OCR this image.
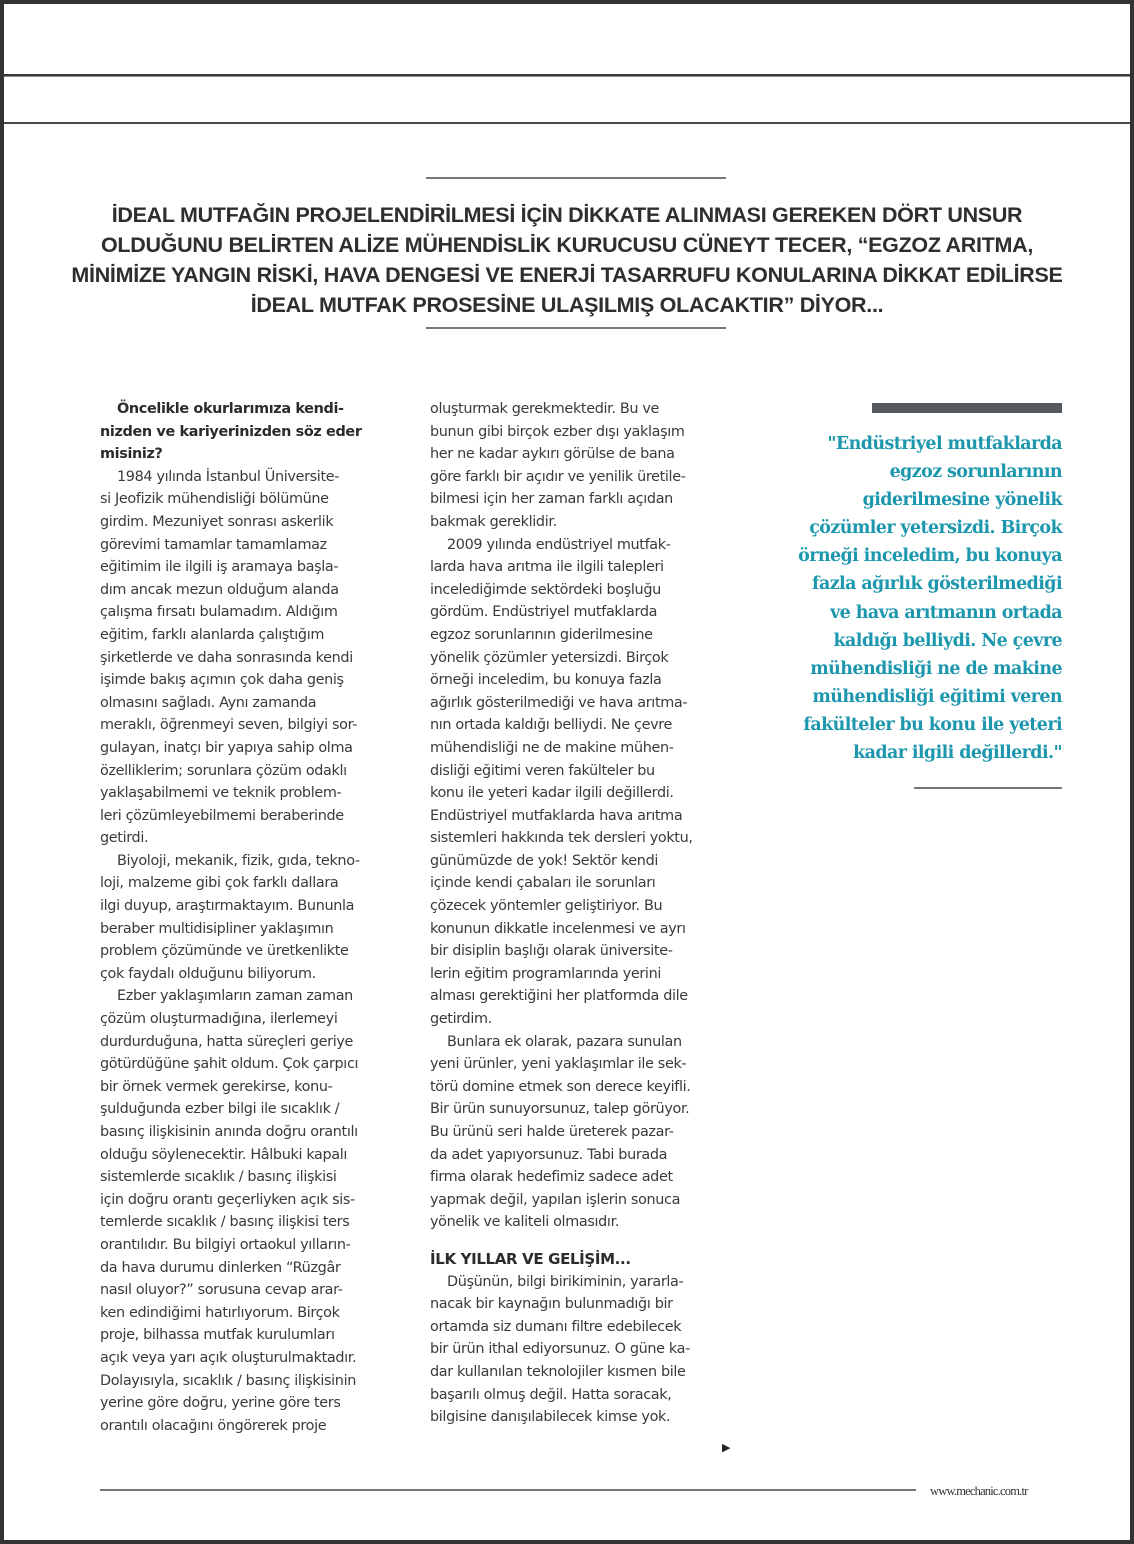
İDEAL MUTFAĞIN PROJELENDİRİLMESİ İÇİN DİKKATE ALINMASI GEREKEN DÖRT UNSUR
OLDUĞUNU BELİRTEN ALİZE MÜHENDİSLİK KURUCUSU CÜNEYT TECER, “EGZOZ ARITMA,
MİNİMİZE YANGIN RİSKİ, HAVA DENGESİ VE ENERJİ TASARRUFU KONULARINA DİKKAT EDİLİRSE
İDEAL MUTFAK PROSESİNE ULAŞILMIŞ OLACAKTIR” DİYOR...
Öncelikle okurlarımıza kendi-
nizden ve kariyerinizden söz eder
misiniz?
1984 yılında İstanbul Üniversite-
si Jeofizik mühendisliği bölümüne
girdim. Mezuniyet sonrası askerlik
görevimi tamamlar tamamlamaz
eğitimim ile ilgili iş aramaya başla-
dım ancak mezun olduğum alanda
çalışma fırsatı bulamadım. Aldığım
eğitim, farklı alanlarda çalıştığım
şirketlerde ve daha sonrasında kendi
işimde bakış açımın çok daha geniş
olmasını sağladı. Aynı zamanda
meraklı, öğrenmeyi seven, bilgiyi sor-
gulayan, inatçı bir yapıya sahip olma
özelliklerim; sorunlara çözüm odaklı
yaklaşabilmemi ve teknik problem-
leri çözümleyebilmemi beraberinde
getirdi.
Biyoloji, mekanik, fizik, gıda, tekno-
loji, malzeme gibi çok farklı dallara
ilgi duyup, araştırmaktayım. Bununla
beraber multidisipliner yaklaşımın
problem çözümünde ve üretkenlikte
çok faydalı olduğunu biliyorum.
Ezber yaklaşımların zaman zaman
çözüm oluşturmadığına, ilerlemeyi
durdurduğuna, hatta süreçleri geriye
götürdüğüne şahit oldum. Çok çarpıcı
bir örnek vermek gerekirse, konu-
şulduğunda ezber bilgi ile sıcaklık /
basınç ilişkisinin anında doğru orantılı
olduğu söylenecektir. Hâlbuki kapalı
sistemlerde sıcaklık / basınç ilişkisi
için doğru orantı geçerliyken açık sis-
temlerde sıcaklık / basınç ilişkisi ters
orantılıdır. Bu bilgiyi ortaokul yılların-
da hava durumu dinlerken “Rüzgâr
nasıl oluyor?” sorusuna cevap arar-
ken edindiğimi hatırlıyorum. Birçok
proje, bilhassa mutfak kurulumları
açık veya yarı açık oluşturulmaktadır.
Dolayısıyla, sıcaklık / basınç ilişkisinin
yerine göre doğru, yerine göre ters
orantılı olacağını öngörerek proje
oluşturmak gerekmektedir. Bu ve
bunun gibi birçok ezber dışı yaklaşım
her ne kadar aykırı görülse de bana
göre farklı bir açıdır ve yenilik üretile-
bilmesi için her zaman farklı açıdan
bakmak gereklidir.
2009 yılında endüstriyel mutfak-
larda hava arıtma ile ilgili talepleri
incelediğimde sektördeki boşluğu
gördüm. Endüstriyel mutfaklarda
egzoz sorunlarının giderilmesine
yönelik çözümler yetersizdi. Birçok
örneği inceledim, bu konuya fazla
ağırlık gösterilmediği ve hava arıtma-
nın ortada kaldığı belliydi. Ne çevre
mühendisliği ne de makine mühen-
disliği eğitimi veren fakülteler bu
konu ile yeteri kadar ilgili değillerdi.
Endüstriyel mutfaklarda hava arıtma
sistemleri hakkında tek dersleri yoktu,
günümüzde de yok! Sektör kendi
içinde kendi çabaları ile sorunları
çözecek yöntemler geliştiriyor. Bu
konunun dikkatle incelenmesi ve ayrı
bir disiplin başlığı olarak üniversite-
lerin eğitim programlarında yerini
alması gerektiğini her platformda dile
getirdim.
Bunlara ek olarak, pazara sunulan
yeni ürünler, yeni yaklaşımlar ile sek-
törü domine etmek son derece keyifli.
Bir ürün sunuyorsunuz, talep görüyor.
Bu ürünü seri halde üreterek pazar-
da adet yapıyorsunuz. Tabi burada
firma olarak hedefimiz sadece adet
yapmak değil, yapılan işlerin sonuca
yönelik ve kaliteli olmasıdır.
İLK YILLAR VE GELİŞİM...
Düşünün, bilgi birikiminin, yararla-
nacak bir kaynağın bulunmadığı bir
ortamda siz dumanı filtre edebilecek
bir ürün ithal ediyorsunuz. O güne ka-
dar kullanılan teknolojiler kısmen bile
başarılı olmuş değil. Hatta soracak,
bilgisine danışılabilecek kimse yok.
"Endüstriyel mutfaklarda
egzoz sorunlarının
giderilmesine yönelik
çözümler yetersizdi. Birçok
örneği inceledim, bu konuya
fazla ağırlık gösterilmediği
ve hava arıtmanın ortada
kaldığı belliydi. Ne çevre
mühendisliği ne de makine
mühendisliği eğitimi veren
fakülteler bu konu ile yeteri
kadar ilgili değillerdi."
▶
www.mechanic.com.tr
